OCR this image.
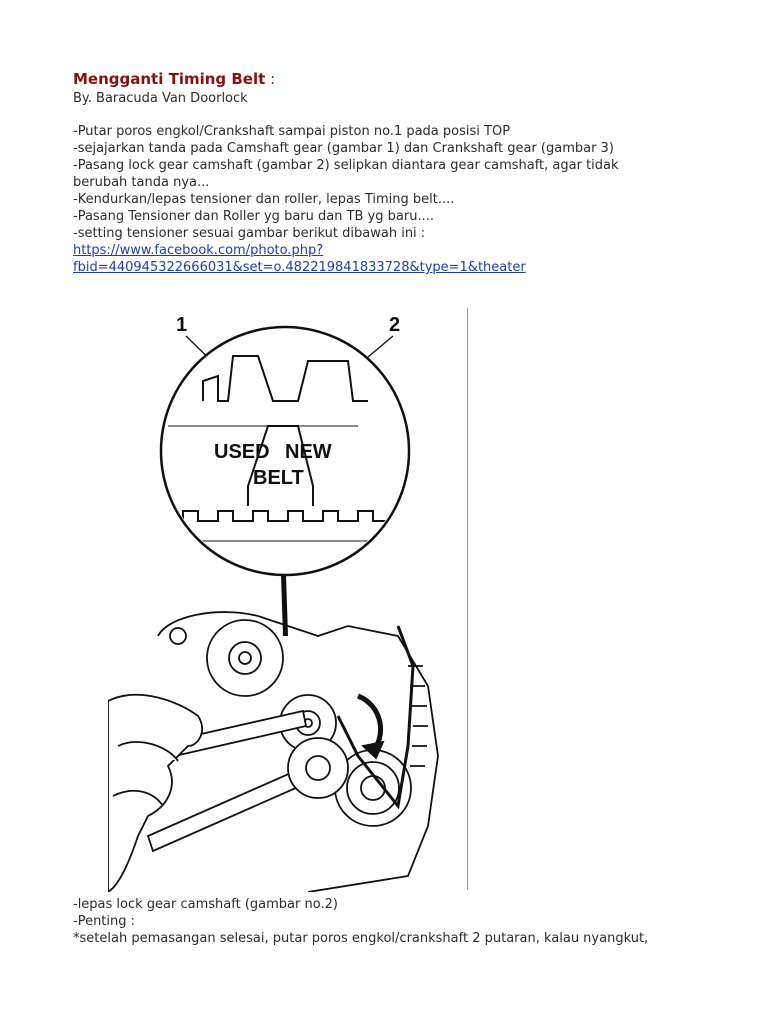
Mengganti Timing Belt :
By. Baracuda Van Doorlock
-Putar poros engkol/Crankshaft sampai piston no.1 pada posisi TOP
-sejajarkan tanda pada Camshaft gear (gambar 1) dan Crankshaft gear (gambar 3)
-Pasang lock gear camshaft (gambar 2) selipkan diantara gear camshaft, agar tidak
berubah tanda nya...
-Kendurkan/lepas tensioner dan roller, lepas Timing belt....
-Pasang Tensioner dan Roller yg baru dan TB yg baru....
-setting tensioner sesuai gambar berikut dibawah ini :
https://www.facebook.com/photo.php?
fbid=440945322666031&set=o.482219841833728&type=1&theater
1	2
USED NEW
BELT
-lepas lock gear camshaft (gambar no.2)
-Penting :
*setelah pemasangan selesai, putar poros engkol/crankshaft 2 putaran, kalau nyangkut,
